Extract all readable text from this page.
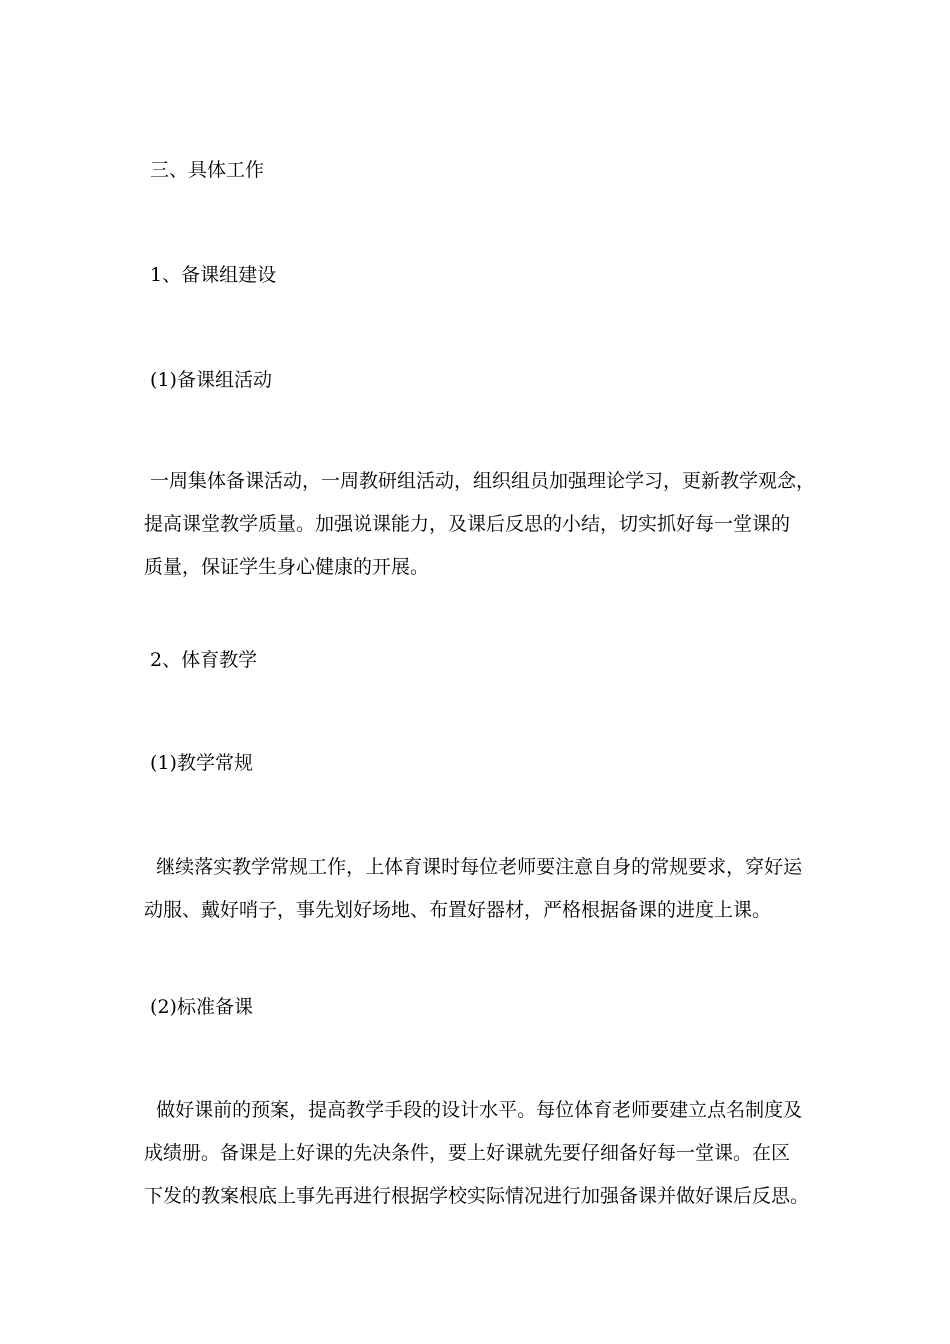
三、具体工作
1、备课组建设
(1)备课组活动
一周集体备课活动，一周教研组活动，组织组员加强理论学习，更新教学观念，
提高课堂教学质量。加强说课能力，及课后反思的小结，切实抓好每一堂课的
质量，保证学生身心健康的开展。
2、体育教学
(1)教学常规
继续落实教学常规工作，上体育课时每位老师要注意自身的常规要求，穿好运
动服、戴好哨子，事先划好场地、布置好器材，严格根据备课的进度上课。
(2)标准备课
做好课前的预案，提高教学手段的设计水平。每位体育老师要建立点名制度及
成绩册。备课是上好课的先决条件，要上好课就先要仔细备好每一堂课。在区
下发的教案根底上事先再进行根据学校实际情况进行加强备课并做好课后反思。
